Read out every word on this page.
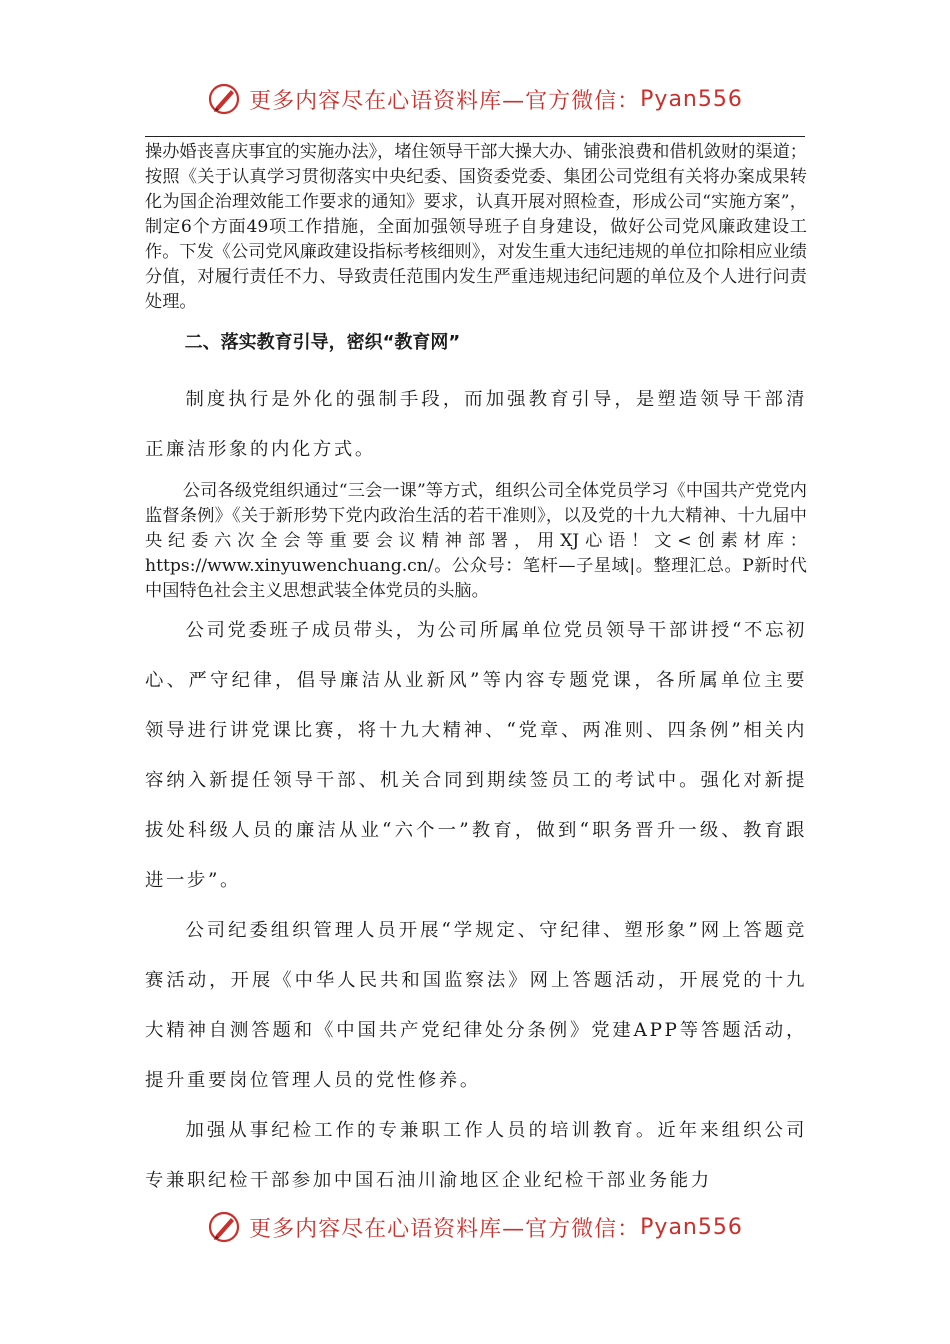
更多内容尽在心语资料库—官方微信： Pyan556

操办婚丧喜庆事宜的实施办法》，堵住领导干部大操大办、铺张浪费和借机敛财的渠道；按照《关于认真学习贯彻落实中央纪委、国资委党委、集团公司党组有关将办案成果转化为国企治理效能工作要求的通知》要求，认真开展对照检查，形成公司“实施方案”，制定6个方面49项工作措施，全面加强领导班子自身建设，做好公司党风廉政建设工作。下发《公司党风廉政建设指标考核细则》，对发生重大违纪违规的单位扣除相应业绩分值，对履行责任不力、导致责任范围内发生严重违规违纪问题的单位及个人进行问责处理。

二、落实教育引导，密织“教育网”

制度执行是外化的强制手段，而加强教育引导，是塑造领导干部清正廉洁形象的内化方式。

公司各级党组织通过“三会一课”等方式，组织公司全体党员学习《中国共产党党内监督条例》《关于新形势下党内政治生活的若干准则》，以及党的十九大精神、十九届中央纪委六次全会等重要会议精神部署，用XJ心语！文<创素材库：https://www.xinyuwenchuang.cn/。公众号：笔杆—子星域|。整理汇总。P新时代中国特色社会主义思想武装全体党员的头脑。

公司党委班子成员带头，为公司所属单位党员领导干部讲授“不忘初心、严守纪律，倡导廉洁从业新风”等内容专题党课，各所属单位主要领导进行讲党课比赛，将十九大精神、“党章、两准则、四条例”相关内容纳入新提任领导干部、机关合同到期续签员工的考试中。强化对新提拔处科级人员的廉洁从业“六个一”教育，做到“职务晋升一级、教育跟进一步”。

公司纪委组织管理人员开展“学规定、守纪律、塑形象”网上答题竞赛活动，开展《中华人民共和国监察法》网上答题活动，开展党的十九大精神自测答题和《中国共产党纪律处分条例》党建APP等答题活动，提升重要岗位管理人员的党性修养。

加强从事纪检工作的专兼职工作人员的培训教育。近年来组织公司专兼职纪检干部参加中国石油川渝地区企业纪检干部业务能力

更多内容尽在心语资料库—官方微信： Pyan556
